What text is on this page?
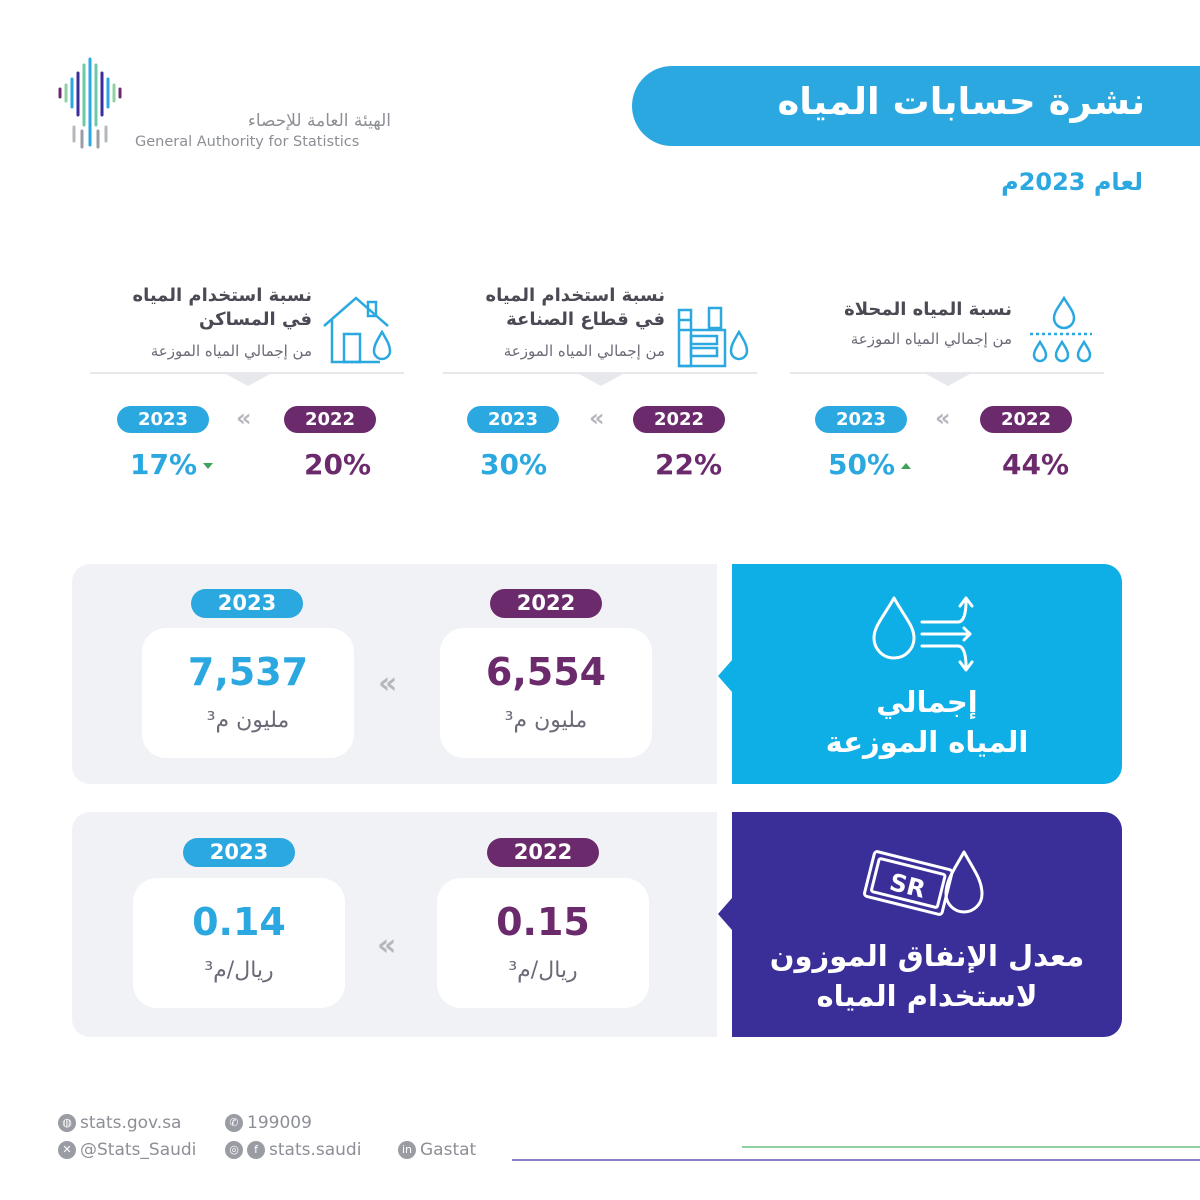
الهيئة العامة للإحصاء
General Authority for Statistics
نشرة حسابات المياه
لعام 2023م
نسبة المياه المحلاة
من إجمالي المياه الموزعة
2022
2023	«
44%
50%
نسبة استخدام المياه
في قطاع الصناعة
من إجمالي المياه الموزعة
2022
2023	«
22%
30%
نسبة استخدام المياه
في المساكن
من إجمالي المياه الموزعة
2022
2023	«
20%
17%
2022
2023
6,554
مليون م³
«
7,537
مليون م³
إجمالي
المياه الموزعة
2022
2023
0.15
ريال/م³
«
0.14
ريال/م³
SR
معدل الإنفاق الموزون
لاستخدام المياه
◍ stats.gov.sa	✆ 199009
✕ @Stats_Saudi	◎ f stats.saudi	in Gastat
